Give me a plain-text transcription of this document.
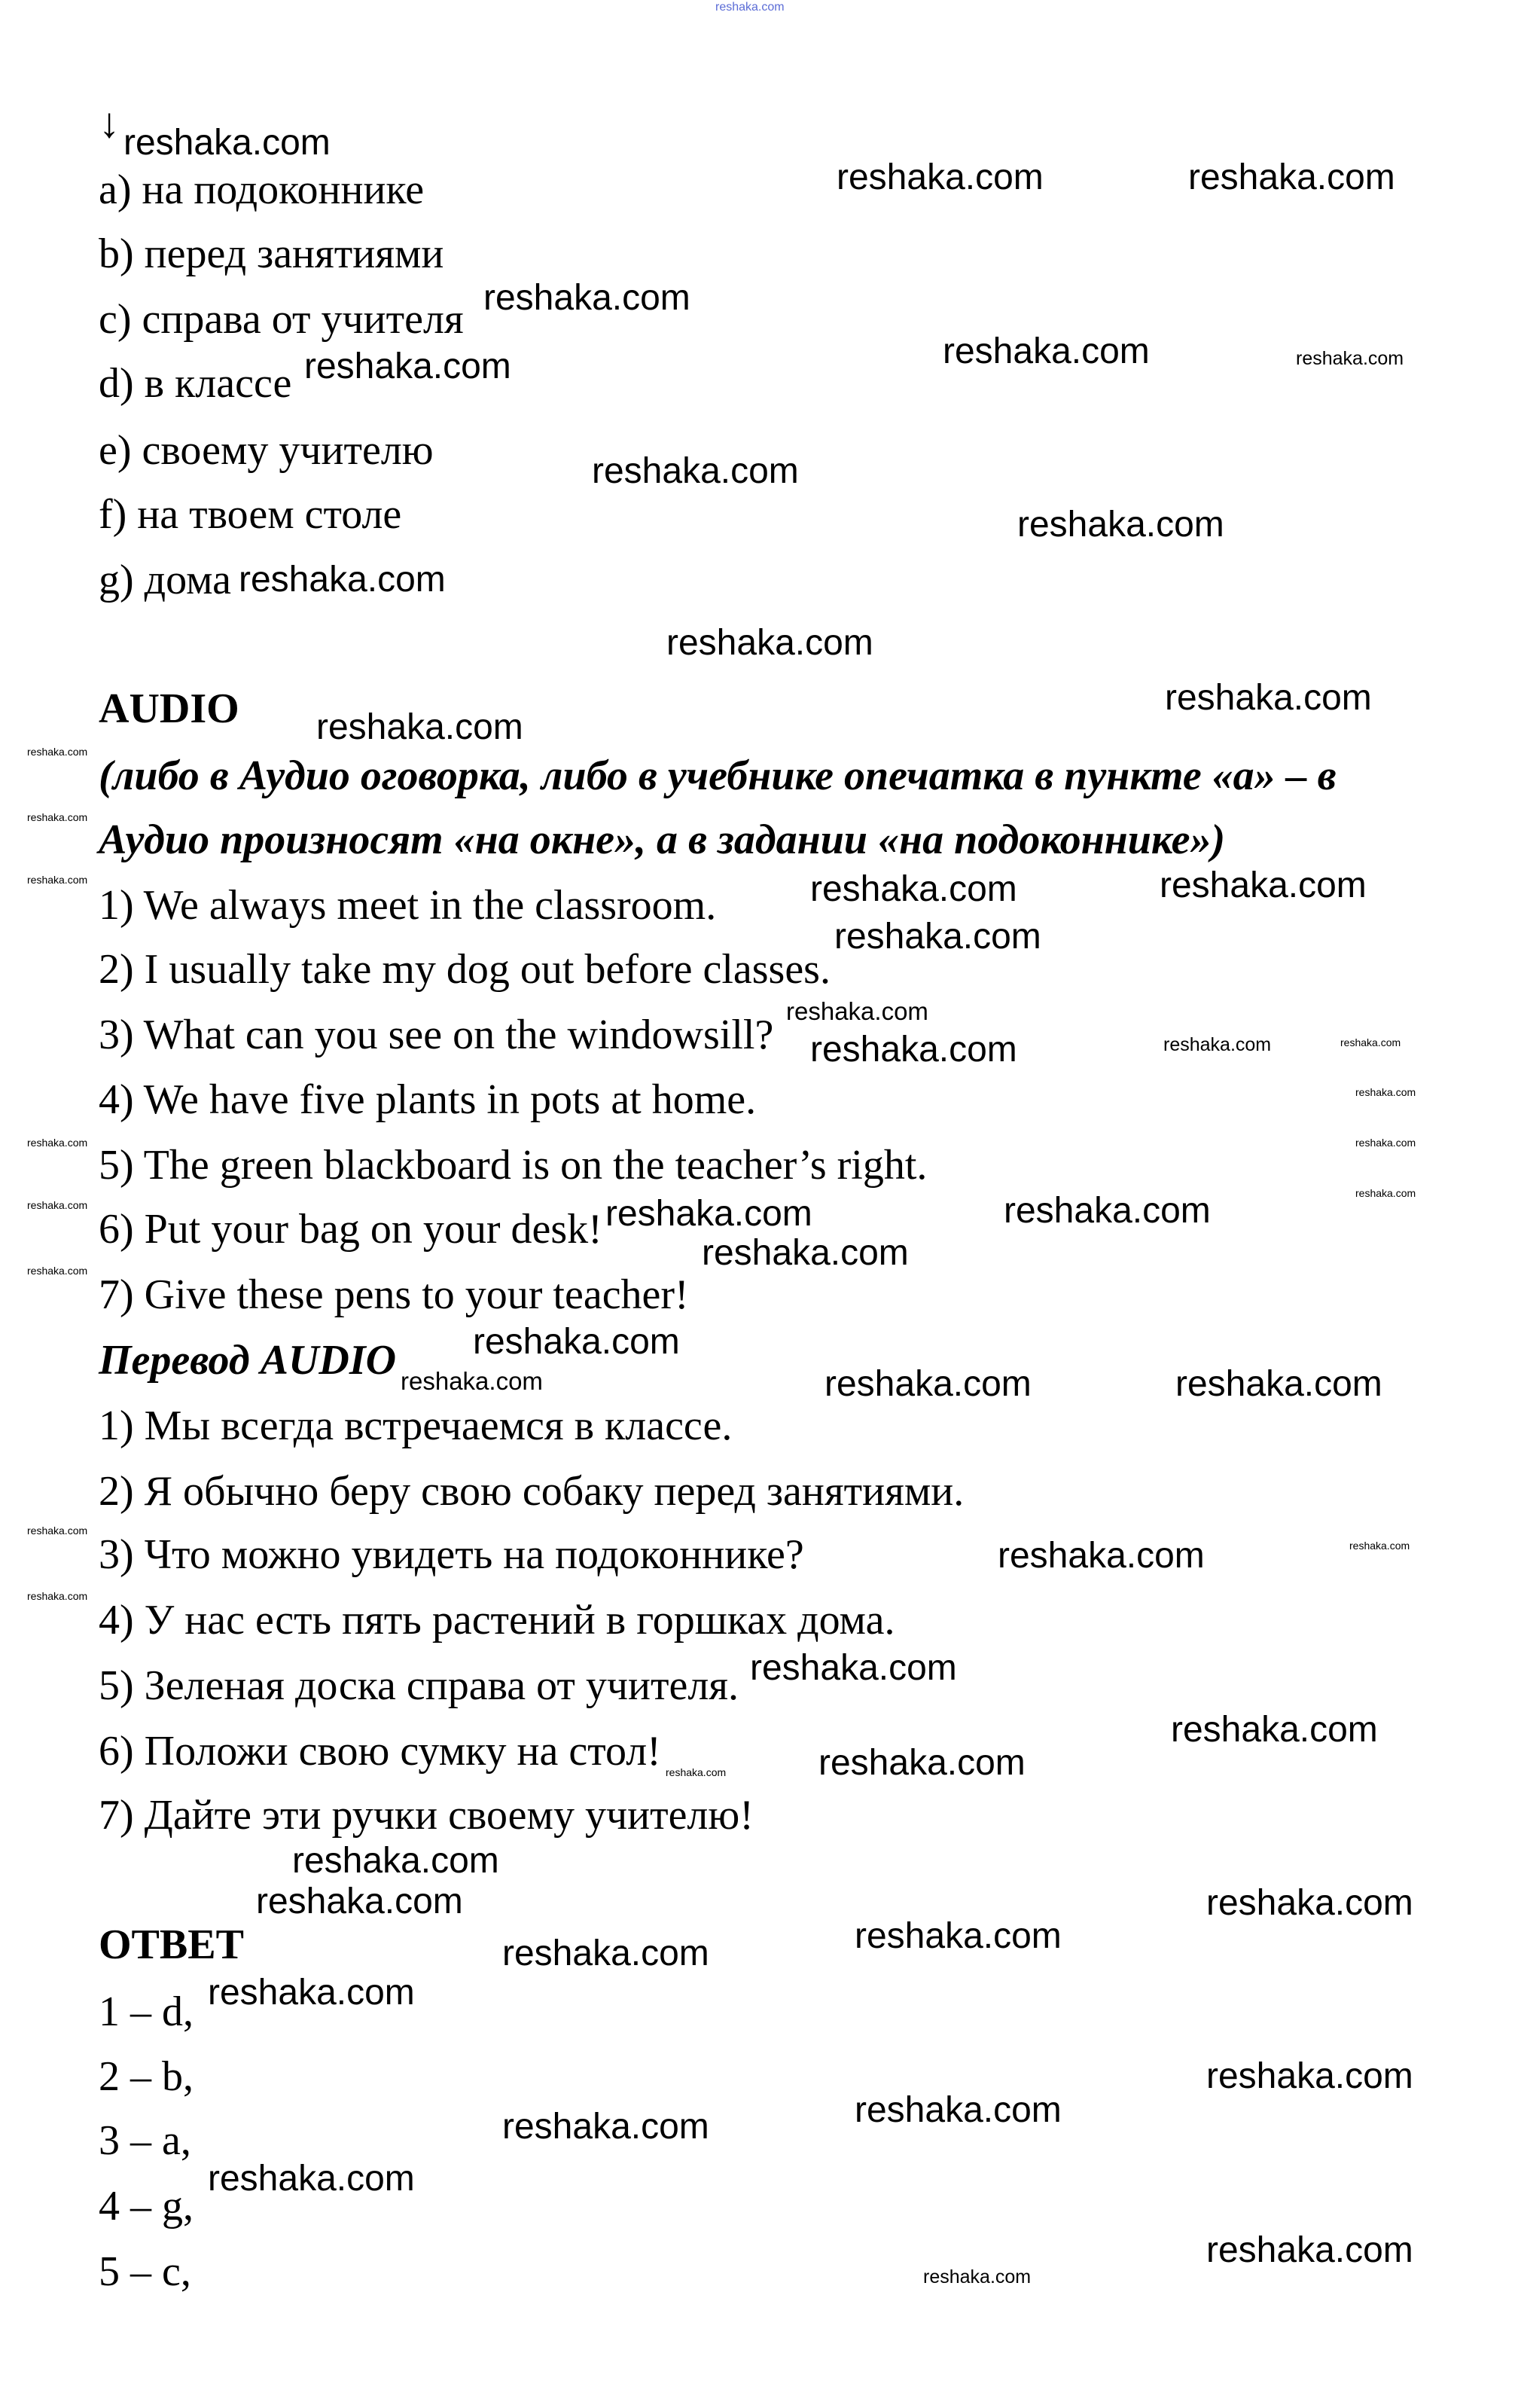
reshaka.com
↓
a) на подоконнике
b) перед занятиями
c) справа от учителя
d) в классе
e) своему учителю
f) на твоем столе
g) дома
AUDIO
(либо в Аудио оговорка, либо в учебнике опечатка в пункте «а» – в
Аудио произносят «на окне», а в задании «на подоконнике»)
1) We always meet in the classroom.
2) I usually take my dog out before classes.
3) What can you see on the windowsill?
4) We have five plants in pots at home.
5) The green blackboard is on the teacher’s right.
6) Put your bag on your desk!
7) Give these pens to your teacher!
Перевод AUDIO
1) Мы всегда встречаемся в классе.
2) Я обычно беру свою собаку перед занятиями.
3) Что можно увидеть на подоконнике?
4) У нас есть пять растений в горшках дома.
5) Зеленая доска справа от учителя.
6) Положи свою сумку на стол!
7) Дайте эти ручки своему учителю!
ОТВЕТ
1 – d,
2 – b,
3 – a,
4 – g,
5 – c,
reshaka.com
reshaka.com	reshaka.com
reshaka.com
reshaka.com	reshaka.com
reshaka.com
reshaka.com
reshaka.com
reshaka.com
reshaka.com
reshaka.com
reshaka.com
reshaka.com
reshaka.com
reshaka.com
reshaka.com	reshaka.com
reshaka.com
reshaka.com
reshaka.com	reshaka.com	reshaka.com
reshaka.com
reshaka.com	reshaka.com
reshaka.com
reshaka.com
reshaka.com
reshaka.com	reshaka.com
reshaka.com
reshaka.com
reshaka.com
reshaka.com	reshaka.com
reshaka.com
reshaka.com	reshaka.com
reshaka.com
reshaka.com
reshaka.com
reshaka.com
reshaka.com
reshaka.com
reshaka.com
reshaka.com
reshaka.com
reshaka.com
reshaka.com
reshaka.com
reshaka.com
reshaka.com
reshaka.com
reshaka.com
reshaka.com
